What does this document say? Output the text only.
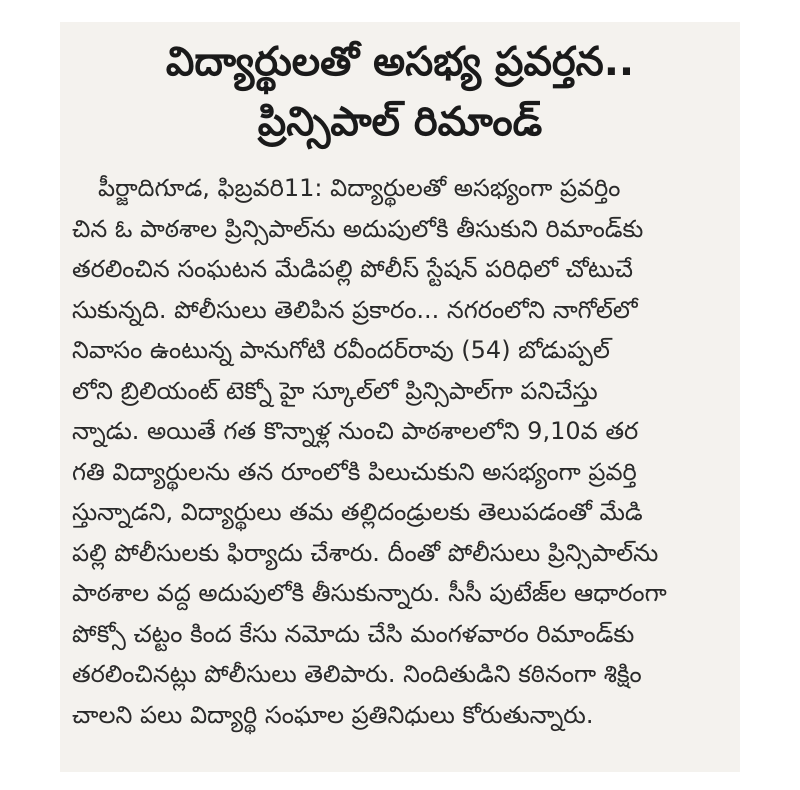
విద్యార్థులతో అసభ్య ప్రవర్తన..
ప్రిన్సిపాల్ రిమాండ్
పీర్జాదిగూడ, ఫిబ్రవరి11: విద్యార్థులతో అసభ్యంగా ప్రవర్తిం
చిన ఓ పాఠశాల ప్రిన్సిపాల్‌ను అదుపులోకి తీసుకుని రిమాండ్‌కు
తరలించిన సంఘటన మేడిపల్లి పోలీస్ స్టేషన్ పరిధిలో చోటుచే
సుకున్నది. పోలీసులు తెలిపిన ప్రకారం... నగరంలోని నాగోల్‌లో
నివాసం ఉంటున్న పానుగోటి రవీందర్‌రావు (54) బోడుప్పల్
లోని బ్రిలియంట్ టెక్నో హై స్కూల్‌లో ప్రిన్సిపాల్‌గా పనిచేస్తు
న్నాడు. అయితే గత కొన్నాళ్ల నుంచి పాఠశాలలోని 9,10వ తర
గతి విద్యార్థులను తన రూంలోకి పిలుచుకుని అసభ్యంగా ప్రవర్తి
స్తున్నాడని, విద్యార్థులు తమ తల్లిదండ్రులకు తెలుపడంతో మేడి
పల్లి పోలీసులకు ఫిర్యాదు చేశారు. దీంతో పోలీసులు ప్రిన్సిపాల్‌ను
పాఠశాల వద్ద అదుపులోకి తీసుకున్నారు. సీసీ పుటేజ్‌ల ఆధారంగా
పోక్సో చట్టం కింద కేసు నమోదు చేసి మంగళవారం రిమాండ్‌కు
తరలించినట్లు పోలీసులు తెలిపారు. నిందితుడిని కఠినంగా శిక్షిం
చాలని పలు విద్యార్థి సంఘాల ప్రతినిధులు కోరుతున్నారు.
